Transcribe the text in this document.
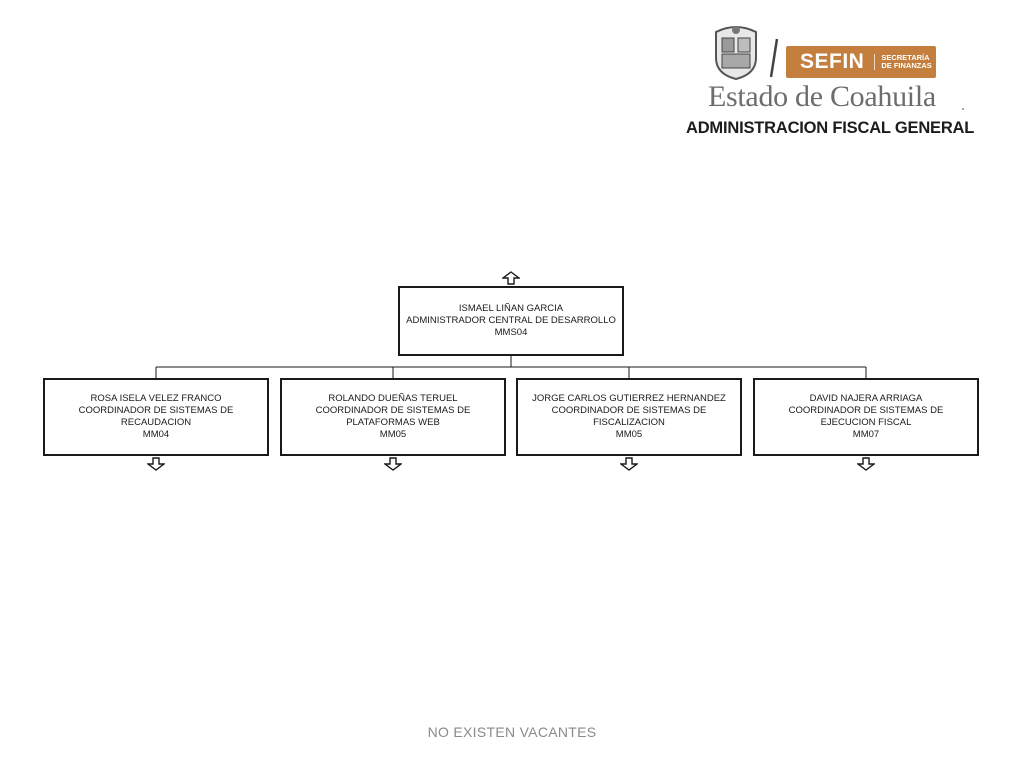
SEFIN	SECRETARÍA
DE FINANZAS
Estado de Coahuila
ADMINISTRACION FISCAL GENERAL
ISMAEL LIÑAN GARCIA
ADMINISTRADOR CENTRAL DE DESARROLLO
MMS04
ROSA ISELA VELEZ FRANCO
COORDINADOR DE SISTEMAS DE RECAUDACION
MM04
ROLANDO DUEÑAS TERUEL
COORDINADOR DE SISTEMAS DE PLATAFORMAS WEB
MM05
JORGE CARLOS GUTIERREZ HERNANDEZ
COORDINADOR DE SISTEMAS DE FISCALIZACION
MM05
DAVID NAJERA ARRIAGA
COORDINADOR DE SISTEMAS DE EJECUCION FISCAL
MM07
NO EXISTEN VACANTES
